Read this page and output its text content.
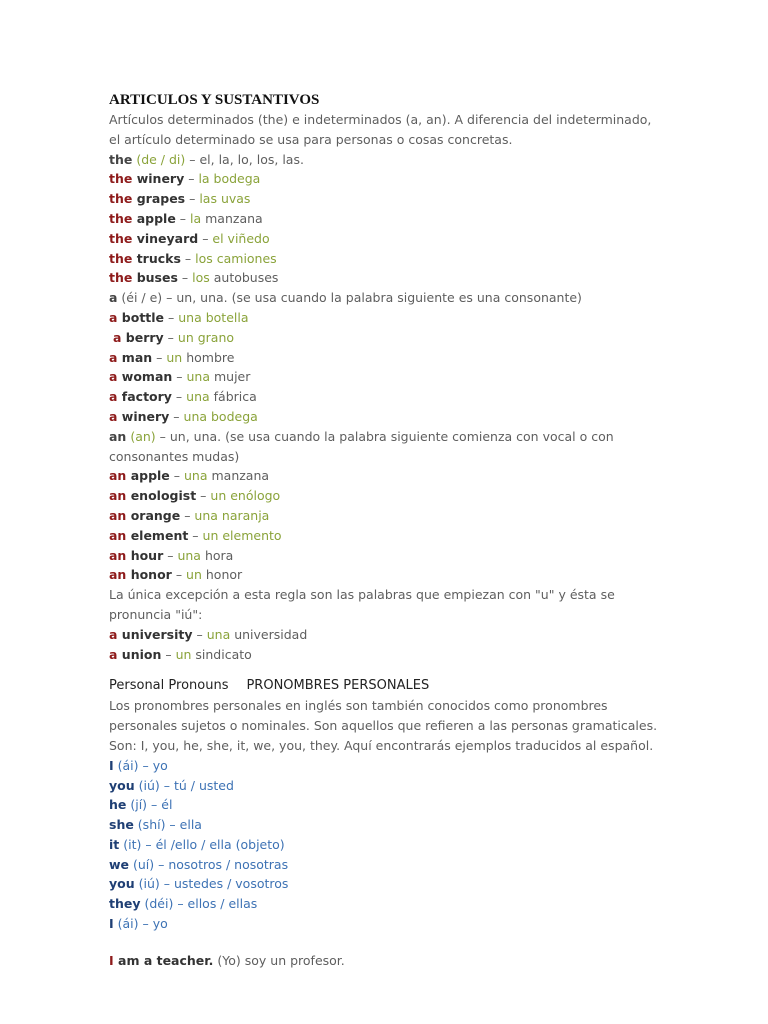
ARTICULOS Y SUSTANTIVOS

Artículos determinados (the) e indeterminados (a, an). A diferencia del indeterminado, el artículo determinado se usa para personas o cosas concretas.

the (de / di) – el, la, lo, los, las.
the winery – la bodega
the grapes – las uvas
the apple – la manzana
the vineyard – el viñedo
the trucks – los camiones
the buses – los autobuses
a (éi / e) – un, una. (se usa cuando la palabra siguiente es una consonante)
a bottle – una botella
a berry – un grano
a man – un hombre
a woman – una mujer
a factory – una fábrica
a winery – una bodega

an (an) – un, una. (se usa cuando la palabra siguiente comienza con vocal o con consonantes mudas)

an apple – una manzana
an enologist – un enólogo
an orange – una naranja
an element – un elemento
an hour – una hora
an honor – un honor

La única excepción a esta regla son las palabras que empiezan con "u" y ésta se pronuncia "iú":

a university – una universidad
a union – un sindicato
Personal Pronouns PRONOMBRES PERSONALES

Los pronombres personales en inglés son también conocidos como pronombres personales sujetos o nominales. Son aquellos que refieren a las personas gramaticales. Son: I, you, he, she, it, we, you, they. Aquí encontrarás ejemplos traducidos al español.

I (ái) – yo
you (iú) – tú / usted
he (jí) – él
she (shí) – ella
it (it) – él /ello / ella (objeto)
we (uí) – nosotros / nosotras
you (iú) – ustedes / vosotros
they (déi) – ellos / ellas
I (ái) – yo
I am a teacher. (Yo) soy un profesor.
